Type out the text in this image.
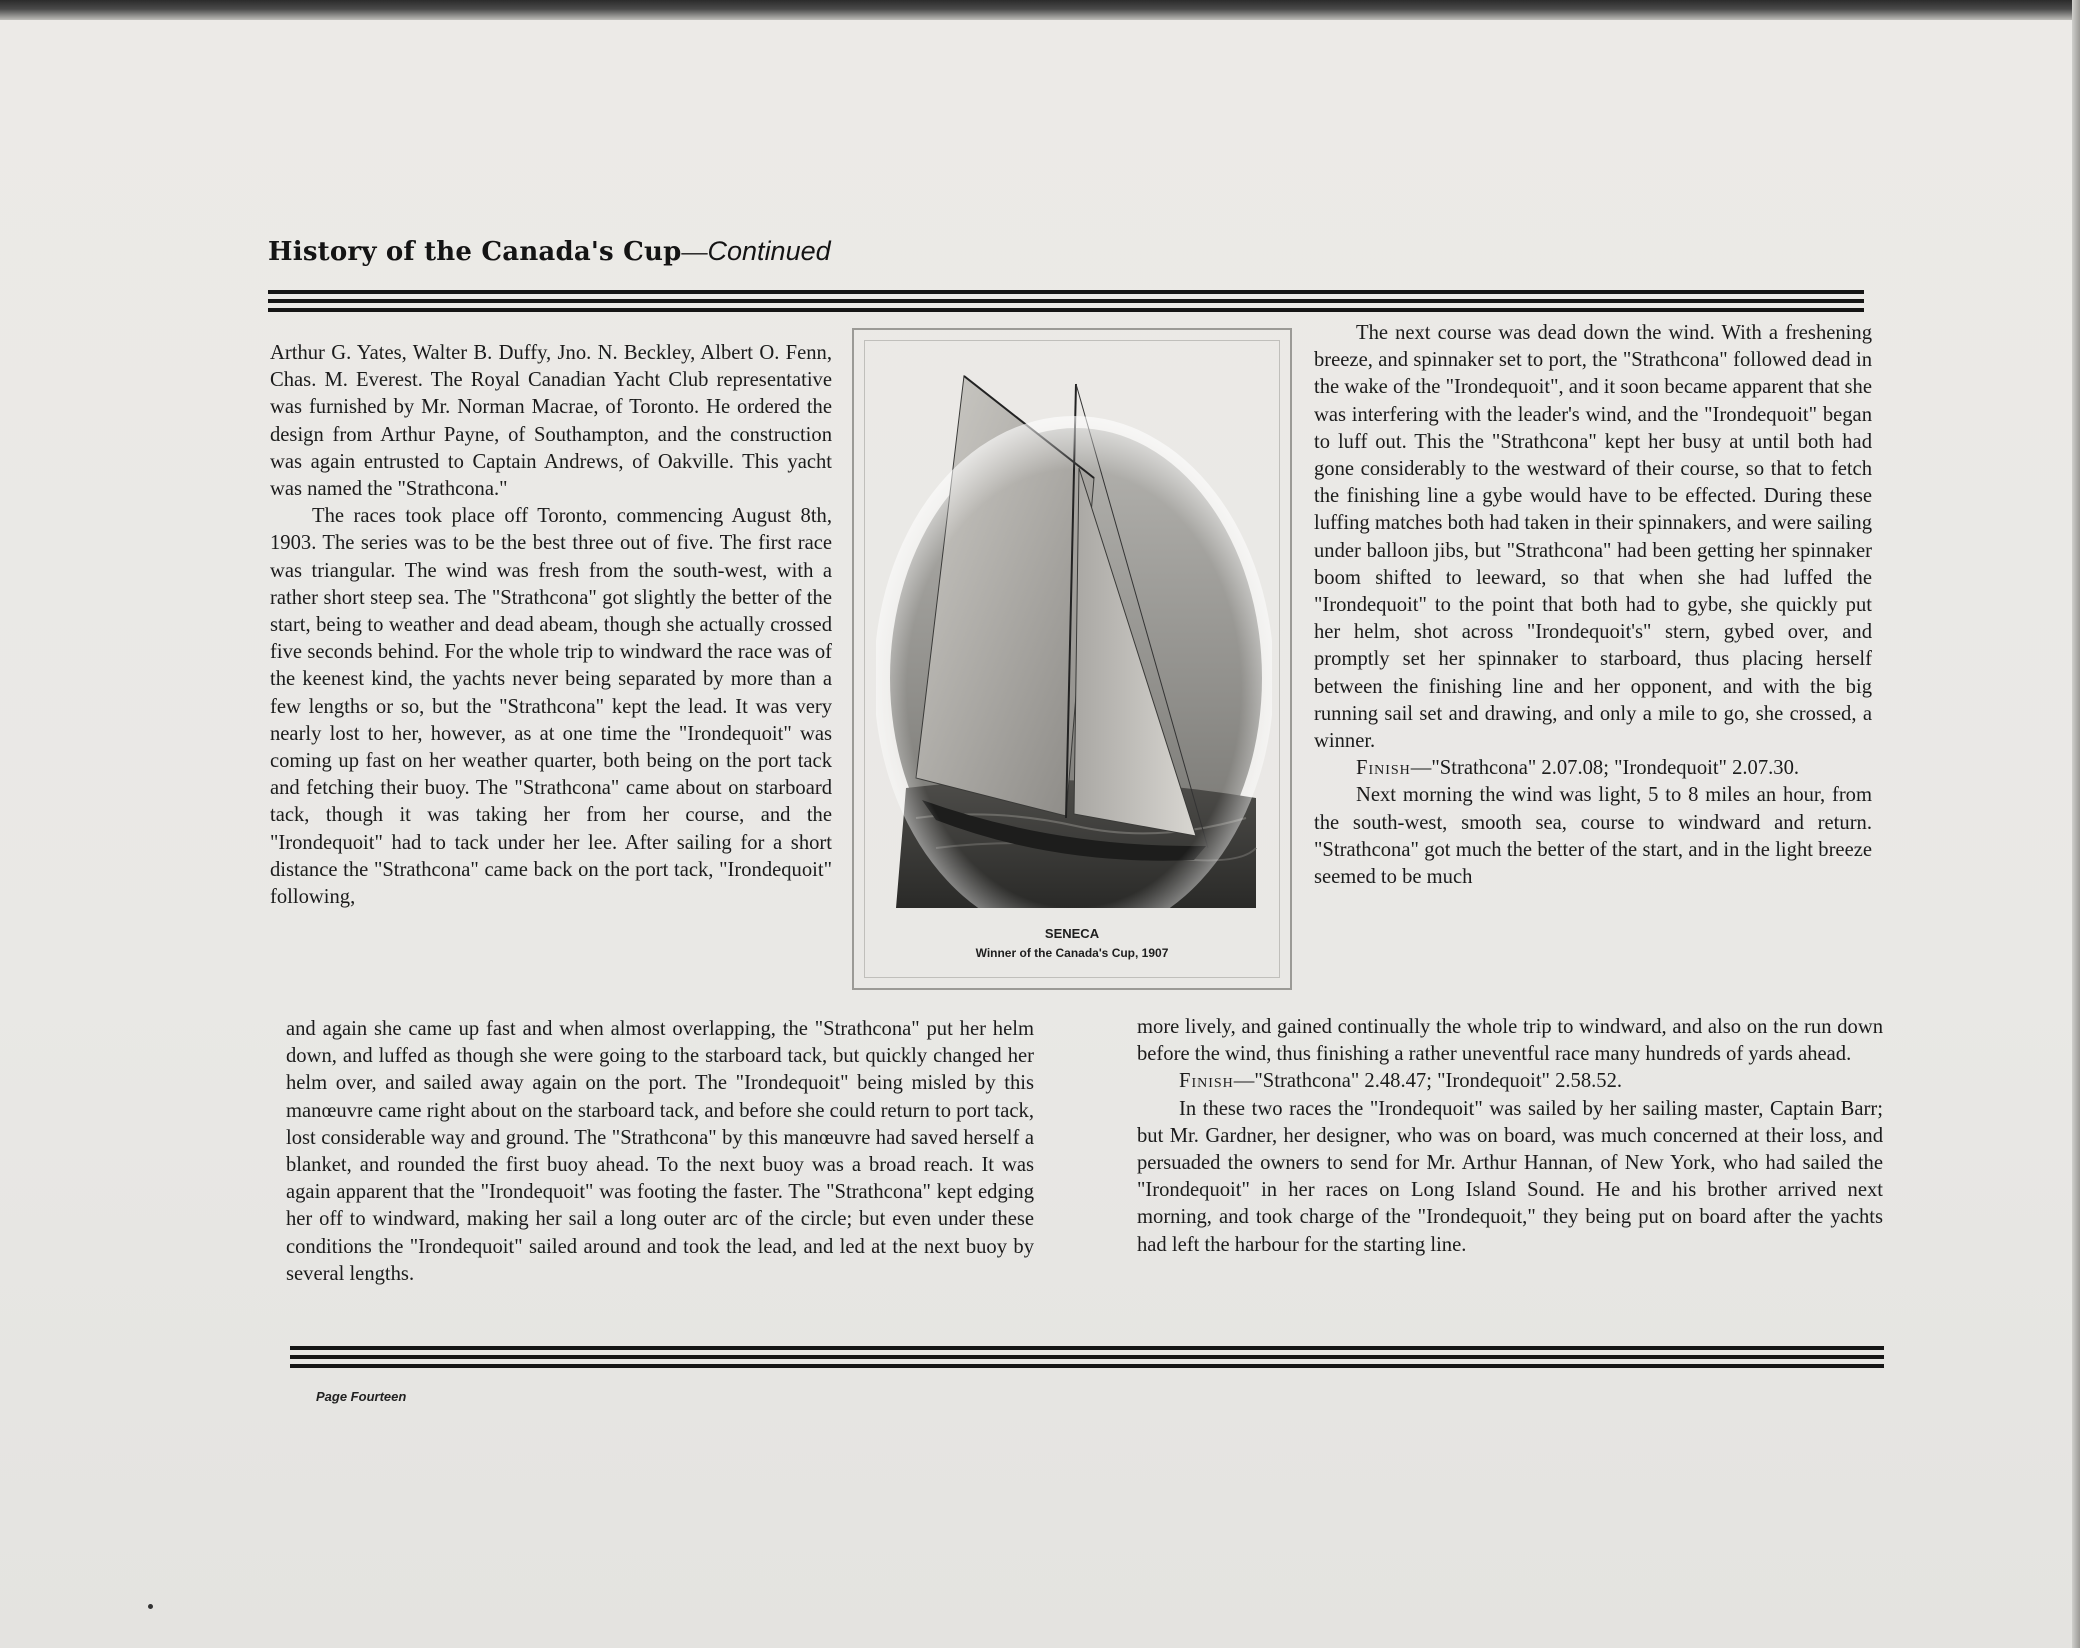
History of the Canada's Cup—Continued

Arthur G. Yates, Walter B. Duffy, Jno. N. Beckley, Albert O. Fenn, Chas. M. Everest. The Royal Canadian Yacht Club representative was furnished by Mr. Norman Macrae, of Toronto. He ordered the design from Arthur Payne, of Southampton, and the construction was again entrusted to Captain Andrews, of Oakville. This yacht was named the "Strathcona."

The races took place off Toronto, commencing August 8th, 1903. The series was to be the best three out of five. The first race was triangular. The wind was fresh from the south-west, with a rather short steep sea. The "Strathcona" got slightly the better of the start, being to weather and dead abeam, though she actually crossed five seconds behind. For the whole trip to windward the race was of the keenest kind, the yachts never being separated by more than a few lengths or so, but the "Strathcona" kept the lead. It was very nearly lost to her, however, as at one time the "Irondequoit" was coming up fast on her weather quarter, both being on the port tack and fetching their buoy. The "Strathcona" came about on starboard tack, though it was taking her from her course, and the "Irondequoit" had to tack under her lee. After sailing for a short distance the "Strathcona" came back on the port tack, "Irondequoit" following,

and again she came up fast and when almost overlapping, the "Strathcona" put her helm down, and luffed as though she were going to the starboard tack, but quickly changed her helm over, and sailed away again on the port. The "Irondequoit" being misled by this manœuvre came right about on the starboard tack, and before she could return to port tack, lost considerable way and ground. The "Strathcona" by this manœuvre had saved herself a blanket, and rounded the first buoy ahead. To the next buoy was a broad reach. It was again apparent that the "Irondequoit" was footing the faster. The "Strathcona" kept edging her off to windward, making her sail a long outer arc of the circle; but even under these conditions the "Irondequoit" sailed around and took the lead, and led at the next buoy by several lengths.

SENECA
Winner of the Canada's Cup, 1907

The next course was dead down the wind. With a freshening breeze, and spinnaker set to port, the "Strathcona" followed dead in the wake of the "Irondequoit", and it soon became apparent that she was interfering with the leader's wind, and the "Irondequoit" began to luff out. This the "Strathcona" kept her busy at until both had gone considerably to the westward of their course, so that to fetch the finishing line a gybe would have to be effected. During these luffing matches both had taken in their spinnakers, and were sailing under balloon jibs, but "Strathcona" had been getting her spinnaker boom shifted to leeward, so that when she had luffed the "Irondequoit" to the point that both had to gybe, she quickly put her helm, shot across "Irondequoit's" stern, gybed over, and promptly set her spinnaker to starboard, thus placing herself between the finishing line and her opponent, and with the big running sail set and drawing, and only a mile to go, she crossed, a winner.

Finish—"Strathcona" 2.07.08; "Irondequoit" 2.07.30.

Next morning the wind was light, 5 to 8 miles an hour, from the south-west, smooth sea, course to windward and return. "Strathcona" got much the better of the start, and in the light breeze seemed to be much

more lively, and gained continually the whole trip to windward, and also on the run down before the wind, thus finishing a rather uneventful race many hundreds of yards ahead.

Finish—"Strathcona" 2.48.47; "Irondequoit" 2.58.52.

In these two races the "Irondequoit" was sailed by her sailing master, Captain Barr; but Mr. Gardner, her designer, who was on board, was much concerned at their loss, and persuaded the owners to send for Mr. Arthur Hannan, of New York, who had sailed the "Irondequoit" in her races on Long Island Sound. He and his brother arrived next morning, and took charge of the "Irondequoit," they being put on board after the yachts had left the harbour for the starting line.

Page Fourteen
